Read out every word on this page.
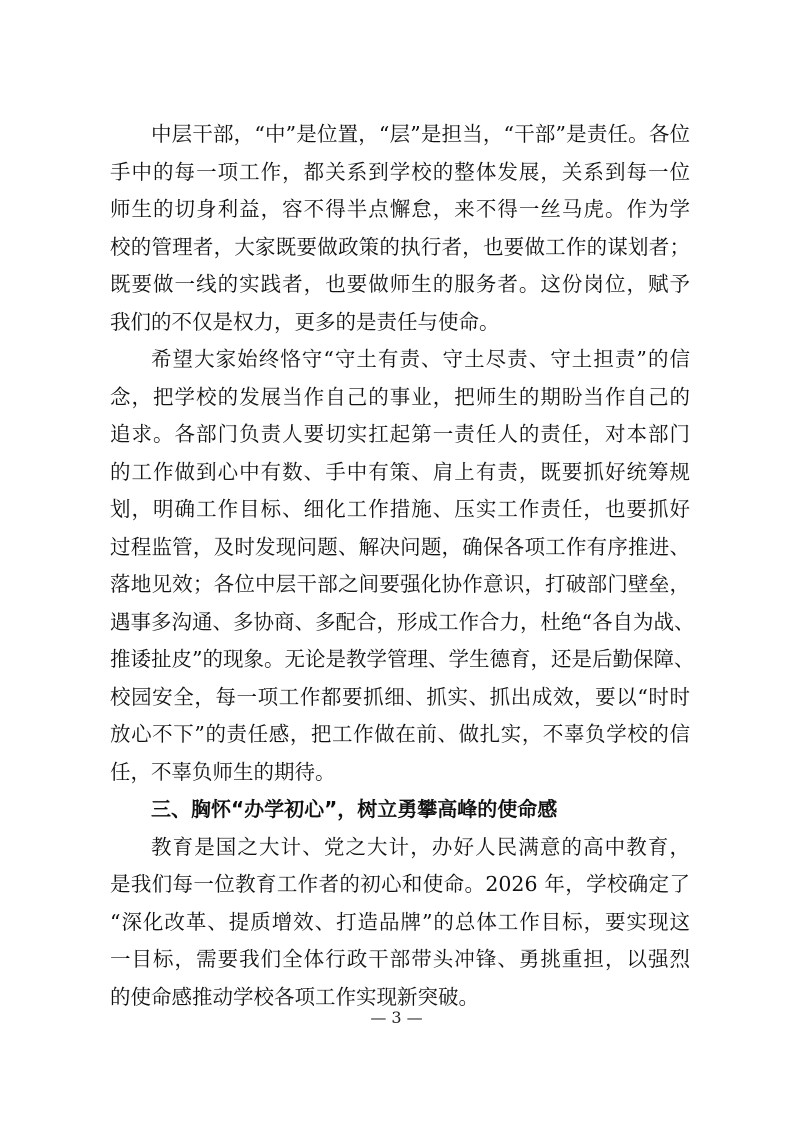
中层干部，“中”是位置，“层”是担当，“干部”是责任。各位
手中的每一项工作，都关系到学校的整体发展，关系到每一位
师生的切身利益，容不得半点懈怠，来不得一丝马虎。作为学
校的管理者，大家既要做政策的执行者，也要做工作的谋划者；
既要做一线的实践者，也要做师生的服务者。这份岗位，赋予
我们的不仅是权力，更多的是责任与使命。
希望大家始终恪守“守土有责、守土尽责、守土担责”的信
念，把学校的发展当作自己的事业，把师生的期盼当作自己的
追求。各部门负责人要切实扛起第一责任人的责任，对本部门
的工作做到心中有数、手中有策、肩上有责，既要抓好统筹规
划，明确工作目标、细化工作措施、压实工作责任，也要抓好
过程监管，及时发现问题、解决问题，确保各项工作有序推进、
落地见效；各位中层干部之间要强化协作意识，打破部门壁垒，
遇事多沟通、多协商、多配合，形成工作合力，杜绝“各自为战、
推诿扯皮”的现象。无论是教学管理、学生德育，还是后勤保障、
校园安全，每一项工作都要抓细、抓实、抓出成效，要以“时时
放心不下”的责任感，把工作做在前、做扎实，不辜负学校的信
任，不辜负师生的期待。
三、胸怀“办学初心”，树立勇攀高峰的使命感
教育是国之大计、党之大计，办好人民满意的高中教育，
是我们每一位教育工作者的初心和使命。2026 年，学校确定了
“深化改革、提质增效、打造品牌”的总体工作目标，要实现这
一目标，需要我们全体行政干部带头冲锋、勇挑重担，以强烈
的使命感推动学校各项工作实现新突破。
— 3 —
